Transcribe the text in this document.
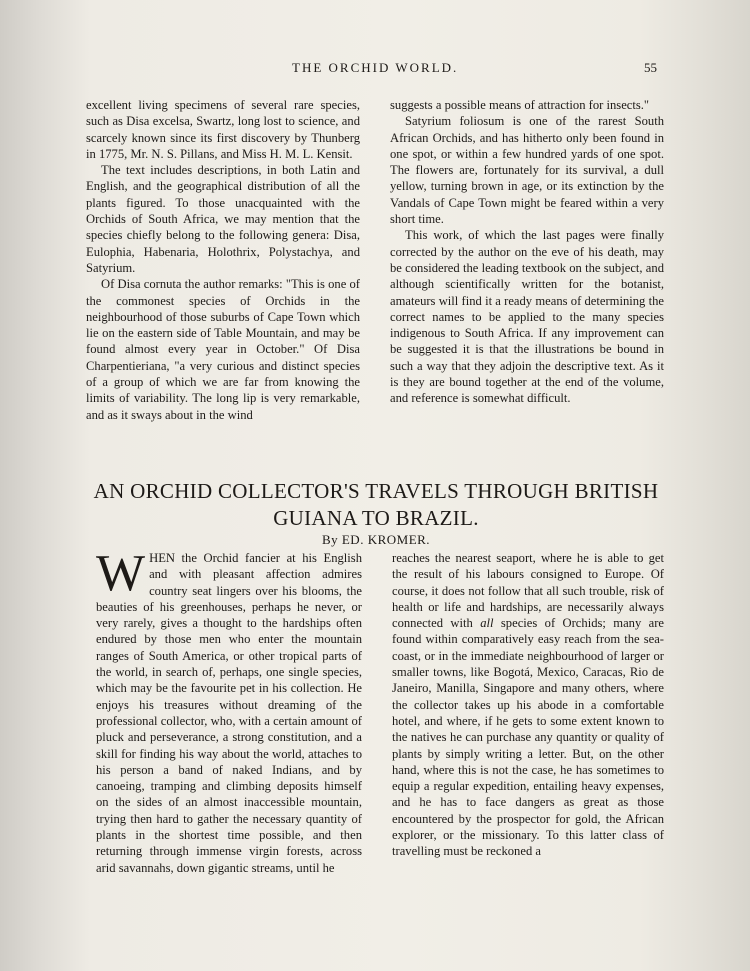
THE ORCHID WORLD.	55

excellent living specimens of several rare species, such as Disa excelsa, Swartz, long lost to science, and scarcely known since its first discovery by Thunberg in 1775, Mr. N. S. Pillans, and Miss H. M. L. Kensit.

The text includes descriptions, in both Latin and English, and the geographical distribution of all the plants figured. To those unacquainted with the Orchids of South Africa, we may mention that the species chiefly belong to the following genera: Disa, Eulophia, Habenaria, Holothrix, Polystachya, and Satyrium.

Of Disa cornuta the author remarks: "This is one of the commonest species of Orchids in the neighbourhood of those suburbs of Cape Town which lie on the eastern side of Table Mountain, and may be found almost every year in October." Of Disa Charpentieriana, "a very curious and distinct species of a group of which we are far from knowing the limits of variability. The long lip is very remarkable, and as it sways about in the wind

suggests a possible means of attraction for insects."

Satyrium foliosum is one of the rarest South African Orchids, and has hitherto only been found in one spot, or within a few hundred yards of one spot. The flowers are, fortunately for its survival, a dull yellow, turning brown in age, or its extinction by the Vandals of Cape Town might be feared within a very short time.

This work, of which the last pages were finally corrected by the author on the eve of his death, may be considered the leading textbook on the subject, and although scientifically written for the botanist, amateurs will find it a ready means of determining the correct names to be applied to the many species indigenous to South Africa. If any improvement can be suggested it is that the illustrations be bound in such a way that they adjoin the descriptive text. As it is they are bound together at the end of the volume, and reference is somewhat difficult.

AN ORCHID COLLECTOR'S TRAVELS THROUGH BRITISH
GUIANA TO BRAZIL.
By ED. KROMER.

WHEN the Orchid fancier at his English and with pleasant affection admires country seat lingers over his blooms, the beauties of his greenhouses, perhaps he never, or very rarely, gives a thought to the hardships often endured by those men who enter the mountain ranges of South America, or other tropical parts of the world, in search of, perhaps, one single species, which may be the favourite pet in his collection. He enjoys his treasures without dreaming of the professional collector, who, with a certain amount of pluck and perseverance, a strong constitution, and a skill for finding his way about the world, attaches to his person a band of naked Indians, and by canoeing, tramping and climbing deposits himself on the sides of an almost inaccessible mountain, trying then hard to gather the necessary quantity of plants in the shortest time possible, and then returning through immense virgin forests, across arid savannahs, down gigantic streams, until he

reaches the nearest seaport, where he is able to get the result of his labours consigned to Europe. Of course, it does not follow that all such trouble, risk of health or life and hardships, are necessarily always connected with all species of Orchids; many are found within comparatively easy reach from the sea-coast, or in the immediate neighbourhood of larger or smaller towns, like Bogotá, Mexico, Caracas, Rio de Janeiro, Manilla, Singapore and many others, where the collector takes up his abode in a comfortable hotel, and where, if he gets to some extent known to the natives he can purchase any quantity or quality of plants by simply writing a letter. But, on the other hand, where this is not the case, he has sometimes to equip a regular expedition, entailing heavy expenses, and he has to face dangers as great as those encountered by the prospector for gold, the African explorer, or the missionary. To this latter class of travelling must be reckoned a
